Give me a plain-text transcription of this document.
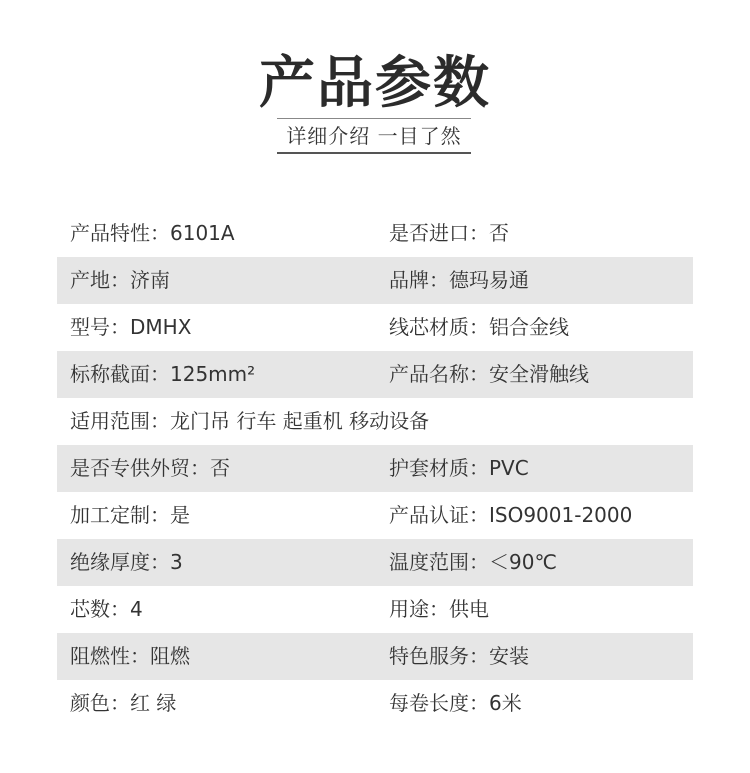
产品参数
详细介绍 一目了然
产品特性：6101A	是否进口：否
产地：济南	品牌：德玛易通
型号：DMHX	线芯材质：铝合金线
标称截面：125mm²	产品名称：安全滑触线
适用范围：龙门吊 行车 起重机 移动设备
是否专供外贸：否	护套材质：PVC
加工定制：是	产品认证：ISO9001-2000
绝缘厚度：3	温度范围：＜90℃
芯数：4	用途：供电
阻燃性：阻燃	特色服务：安装
颜色：红 绿	每卷长度：6米
